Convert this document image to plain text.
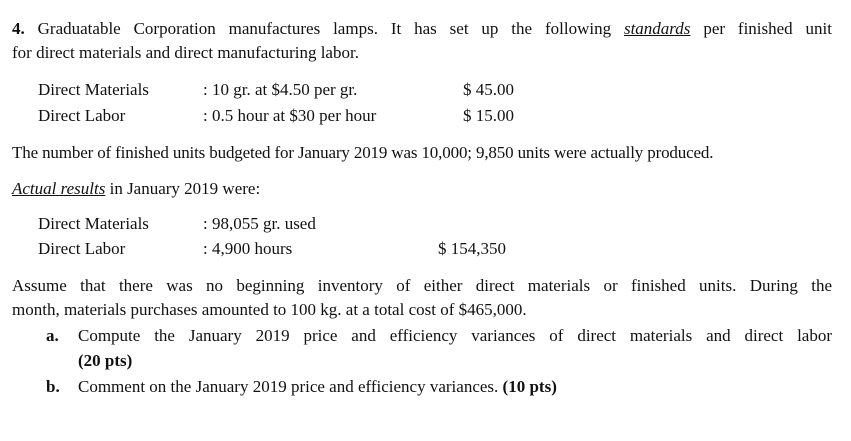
4. Graduatable Corporation manufactures lamps. It has set up the following standards per finished unit
for direct materials and direct manufacturing labor.
Direct Materials	: 10 gr. at $4.50 per gr.	$ 45.00
Direct Labor	: 0.5 hour at $30 per hour	$ 15.00
The number of finished units budgeted for January 2019 was 10,000; 9,850 units were actually produced.
Actual results in January 2019 were:
Direct Materials	: 98,055 gr. used
Direct Labor	: 4,900 hours	$ 154,350
Assume that there was no beginning inventory of either direct materials or finished units. During the
month, materials purchases amounted to 100 kg. at a total cost of $465,000.
a. Compute the January 2019 price and efficiency variances of direct materials and direct labor
(20 pts)
b. Comment on the January 2019 price and efficiency variances. (10 pts)
